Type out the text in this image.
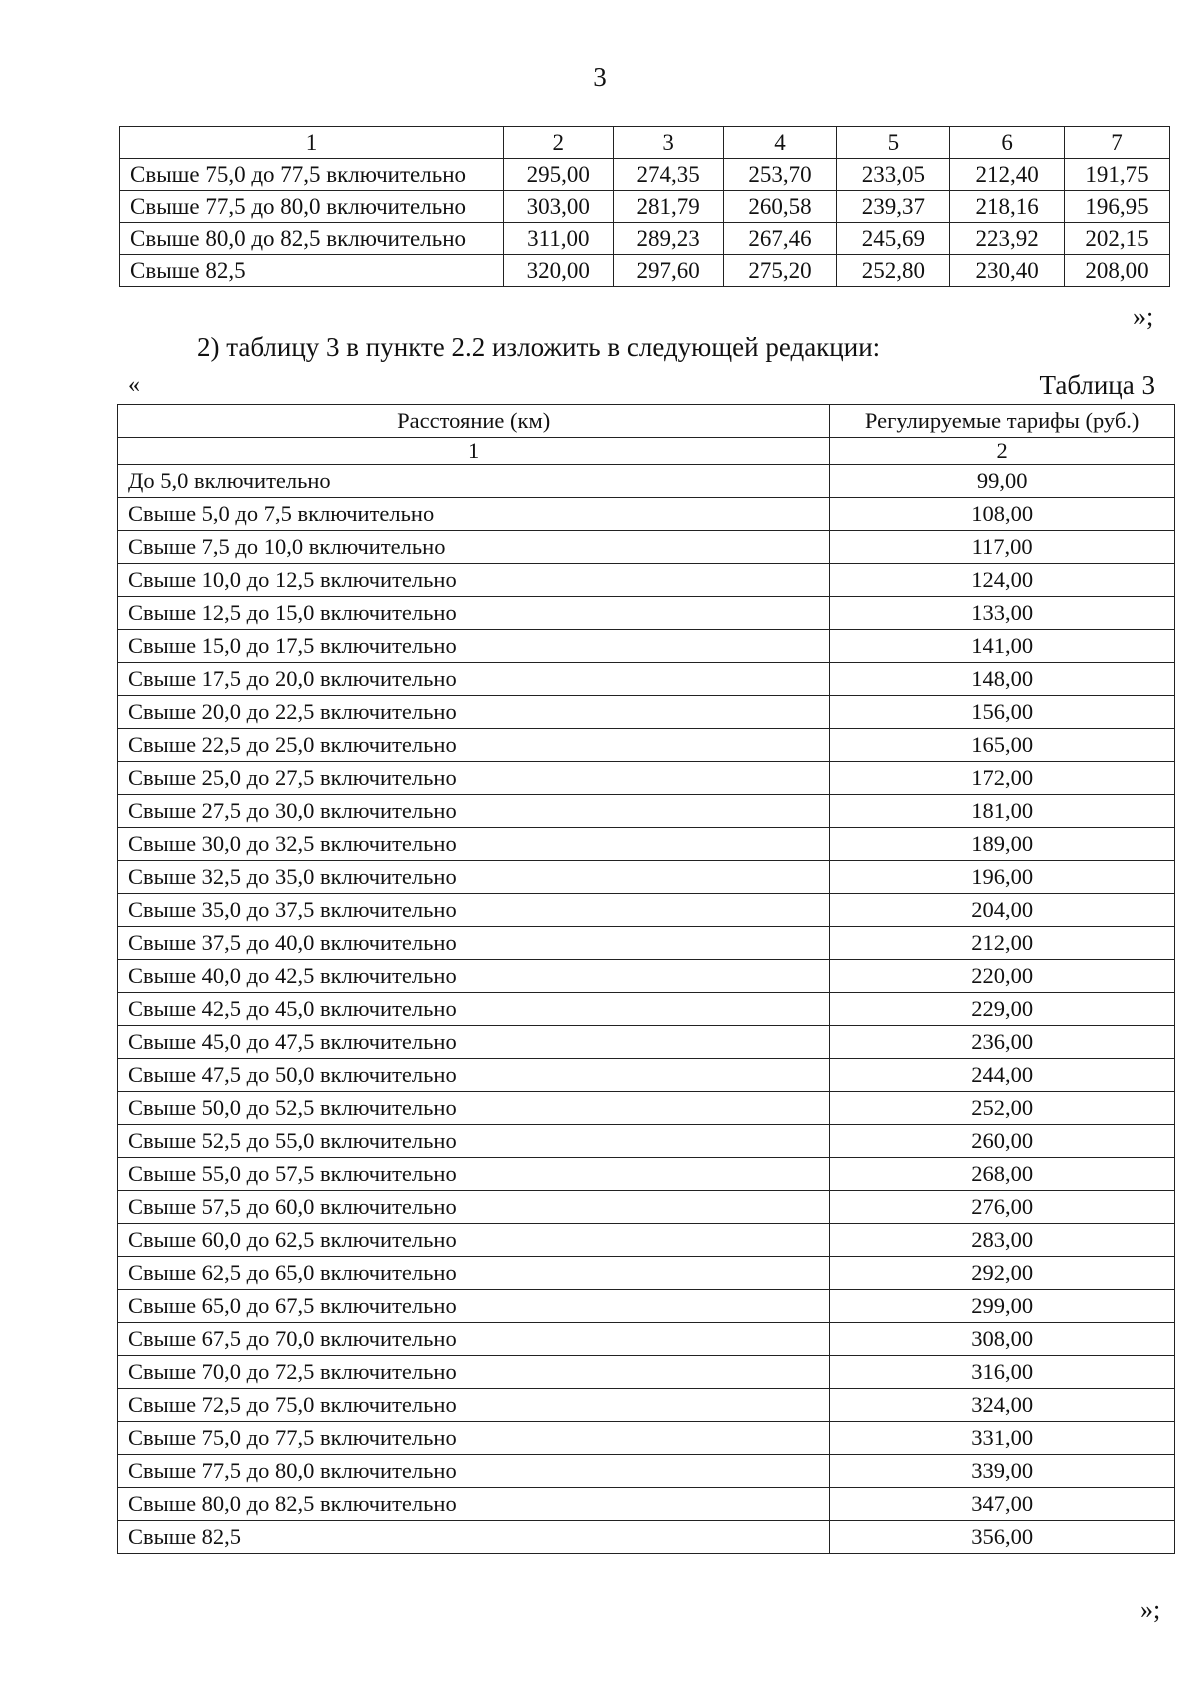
3
1	2	3	4	5	6	7
Свыше 75,0 до 77,5 включительно	295,00	274,35	253,70	233,05	212,40	191,75
Свыше 77,5 до 80,0 включительно	303,00	281,79	260,58	239,37	218,16	196,95
Свыше 80,0 до 82,5 включительно	311,00	289,23	267,46	245,69	223,92	202,15
Свыше 82,5	320,00	297,60	275,20	252,80	230,40	208,00
»;
2) таблицу 3 в пункте 2.2 изложить в следующей редакции:
«	Таблица 3
Расстояние (км)	Регулируемые тарифы (руб.)
1	2
До 5,0 включительно	99,00
Свыше 5,0 до 7,5 включительно	108,00
Свыше 7,5 до 10,0 включительно	117,00
Свыше 10,0 до 12,5 включительно	124,00
Свыше 12,5 до 15,0 включительно	133,00
Свыше 15,0 до 17,5 включительно	141,00
Свыше 17,5 до 20,0 включительно	148,00
Свыше 20,0 до 22,5 включительно	156,00
Свыше 22,5 до 25,0 включительно	165,00
Свыше 25,0 до 27,5 включительно	172,00
Свыше 27,5 до 30,0 включительно	181,00
Свыше 30,0 до 32,5 включительно	189,00
Свыше 32,5 до 35,0 включительно	196,00
Свыше 35,0 до 37,5 включительно	204,00
Свыше 37,5 до 40,0 включительно	212,00
Свыше 40,0 до 42,5 включительно	220,00
Свыше 42,5 до 45,0 включительно	229,00
Свыше 45,0 до 47,5 включительно	236,00
Свыше 47,5 до 50,0 включительно	244,00
Свыше 50,0 до 52,5 включительно	252,00
Свыше 52,5 до 55,0 включительно	260,00
Свыше 55,0 до 57,5 включительно	268,00
Свыше 57,5 до 60,0 включительно	276,00
Свыше 60,0 до 62,5 включительно	283,00
Свыше 62,5 до 65,0 включительно	292,00
Свыше 65,0 до 67,5 включительно	299,00
Свыше 67,5 до 70,0 включительно	308,00
Свыше 70,0 до 72,5 включительно	316,00
Свыше 72,5 до 75,0 включительно	324,00
Свыше 75,0 до 77,5 включительно	331,00
Свыше 77,5 до 80,0 включительно	339,00
Свыше 80,0 до 82,5 включительно	347,00
Свыше 82,5	356,00
»;
